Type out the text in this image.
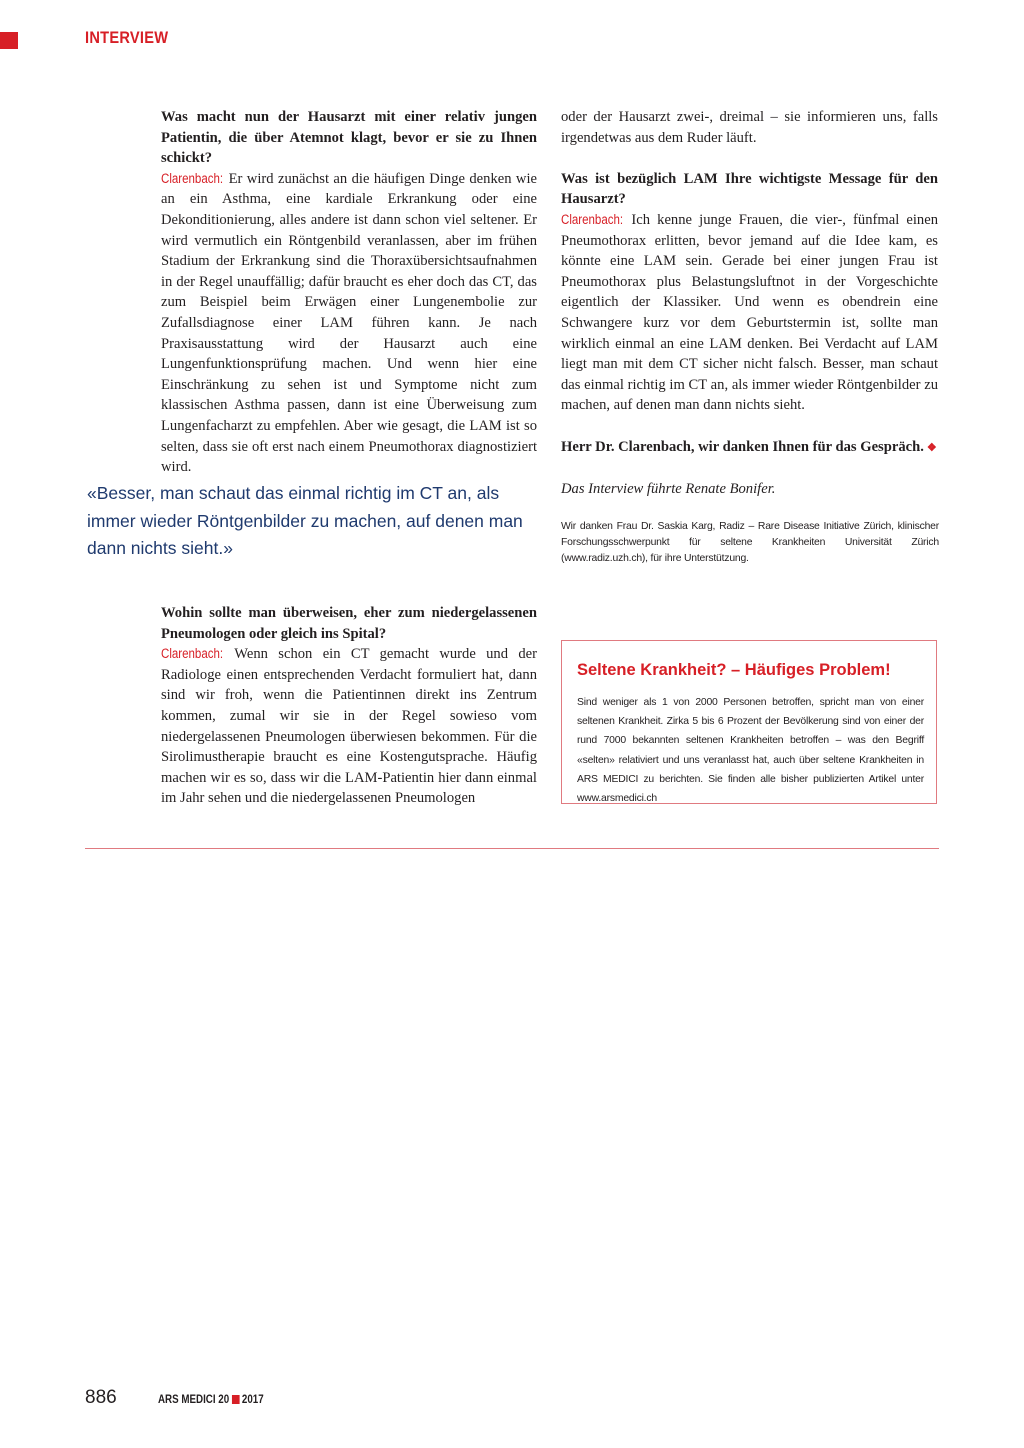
INTERVIEW

Was macht nun der Hausarzt mit einer relativ jungen Patientin, die über Atemnot klagt, bevor er sie zu Ihnen schickt?

Clarenbach: Er wird zunächst an die häufigen Dinge denken wie an ein Asthma, eine kardiale Erkrankung oder eine Dekonditionierung, alles andere ist dann schon viel seltener. Er wird vermutlich ein Röntgenbild veranlassen, aber im frühen Stadium der Erkrankung sind die Thoraxübersichtsaufnahmen in der Regel unauffällig; dafür braucht es eher doch das CT, das zum Beispiel beim Erwägen einer Lungenembolie zur Zufallsdiagnose einer LAM führen kann. Je nach Praxisausstattung wird der Hausarzt auch eine Lungenfunktionsprüfung machen. Und wenn hier eine Einschränkung zu sehen ist und Symptome nicht zum klassischen Asthma passen, dann ist eine Überweisung zum Lungenfacharzt zu empfehlen. Aber wie gesagt, die LAM ist so selten, dass sie oft erst nach einem Pneumothorax diagnostiziert wird.

«Besser, man schaut das einmal richtig im CT an, als immer wieder Röntgenbilder zu machen, auf denen man dann nichts sieht.»

Wohin sollte man überweisen, eher zum niedergelassenen Pneumologen oder gleich ins Spital?

Clarenbach: Wenn schon ein CT gemacht wurde und der Radiologe einen entsprechenden Verdacht formuliert hat, dann sind wir froh, wenn die Patientinnen direkt ins Zentrum kommen, zumal wir sie in der Regel sowieso vom niedergelassenen Pneumologen überwiesen bekommen. Für die Sirolimustherapie braucht es eine Kostengutsprache. Häufig machen wir es so, dass wir die LAM-Patientin hier dann einmal im Jahr sehen und die niedergelassenen Pneumologen

oder der Hausarzt zwei-, dreimal – sie informieren uns, falls irgendetwas aus dem Ruder läuft.

Was ist bezüglich LAM Ihre wichtigste Message für den Hausarzt?

Clarenbach: Ich kenne junge Frauen, die vier-, fünfmal einen Pneumothorax erlitten, bevor jemand auf die Idee kam, es könnte eine LAM sein. Gerade bei einer jungen Frau ist Pneumothorax plus Belastungsluftnot in der Vorgeschichte eigentlich der Klassiker. Und wenn es obendrein eine Schwangere kurz vor dem Geburtstermin ist, sollte man wirklich einmal an eine LAM denken. Bei Verdacht auf LAM liegt man mit dem CT sicher nicht falsch. Besser, man schaut das einmal richtig im CT an, als immer wieder Röntgenbilder zu machen, auf denen man dann nichts sieht.

Herr Dr. Clarenbach, wir danken Ihnen für das Gespräch. ❖

Das Interview führte Renate Bonifer.

Wir danken Frau Dr. Saskia Karg, Radiz – Rare Disease Initiative Zürich, klinischer Forschungsschwerpunkt für seltene Krankheiten Universität Zürich (www.radiz.uzh.ch), für ihre Unterstützung.
Seltene Krankheit? – Häufiges Problem!
Sind weniger als 1 von 2000 Personen betroffen, spricht man von einer seltenen Krankheit. Zirka 5 bis 6 Prozent der Bevölkerung sind von einer der rund 7000 bekannten seltenen Krankheiten betroffen – was den Begriff «selten» relativiert und uns veranlasst hat, auch über seltene Krankheiten in ARS MEDICI zu berichten. Sie finden alle bisher publizierten Artikel unter www.arsmedici.ch
886	ARS MEDICI 20 2017
